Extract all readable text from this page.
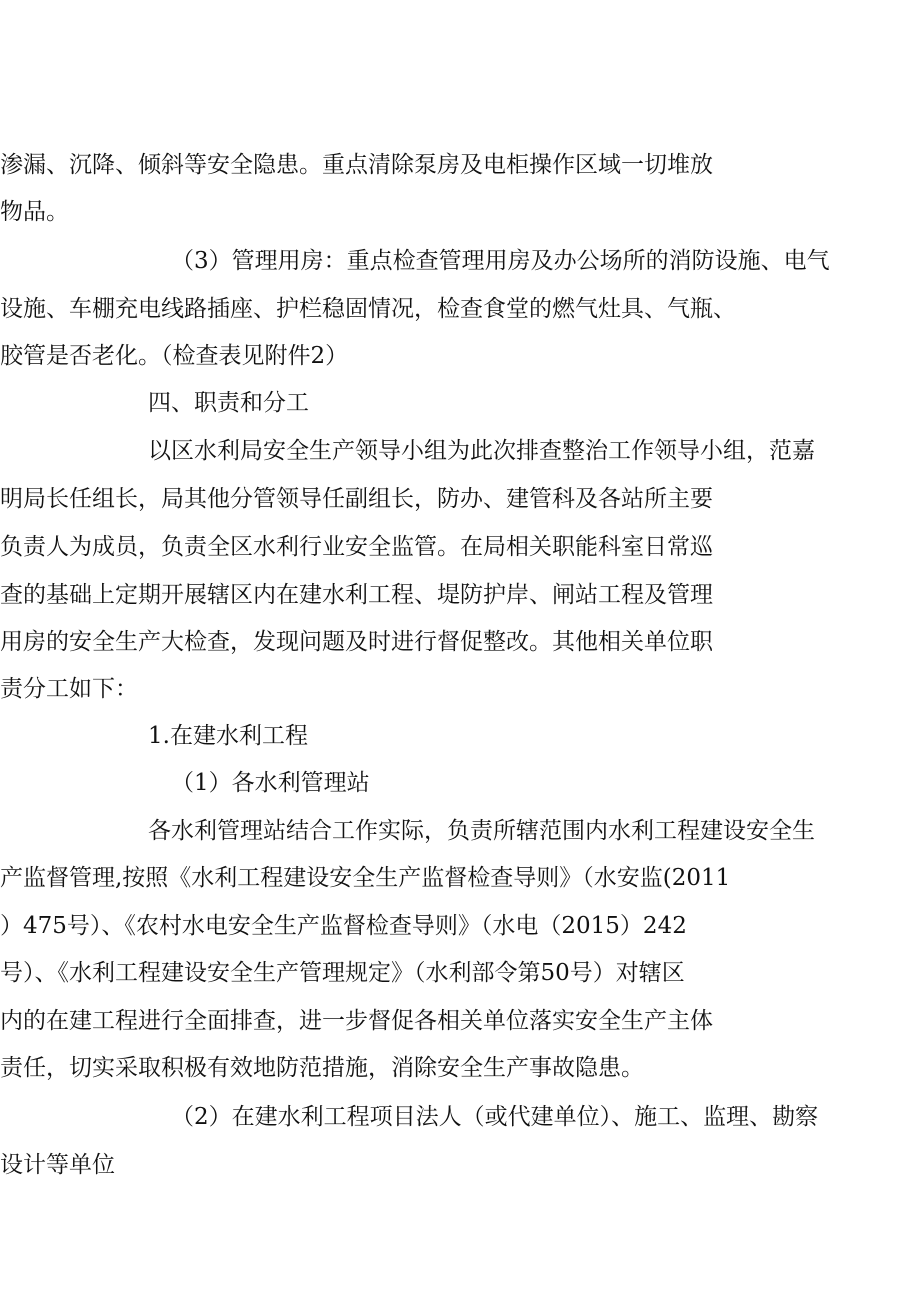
渗漏、沉降、倾斜等安全隐患。重点清除泵房及电柜操作区域一切堆放

物品。

（3）管理用房：重点检查管理用房及办公场所的消防设施、电气

设施、车棚充电线路插座、护栏稳固情况，检查食堂的燃气灶具、气瓶、

胶管是否老化。（检查表见附件2）

四、职责和分工

以区水利局安全生产领导小组为此次排查整治工作领导小组，范嘉

明局长任组长，局其他分管领导任副组长，防办、建管科及各站所主要

负责人为成员，负责全区水利行业安全监管。在局相关职能科室日常巡

查的基础上定期开展辖区内在建水利工程、堤防护岸、闸站工程及管理

用房的安全生产大检查，发现问题及时进行督促整改。其他相关单位职

责分工如下：

1.在建水利工程

（1）各水利管理站

各水利管理站结合工作实际，负责所辖范围内水利工程建设安全生

产监督管理,按照《水利工程建设安全生产监督检查导则》（水安监(2011

）475号）、《农村水电安全生产监督检查导则》（水电（2015）242

号）、《水利工程建设安全生产管理规定》（水利部令第50号）对辖区

内的在建工程进行全面排查，进一步督促各相关单位落实安全生产主体

责任，切实采取积极有效地防范措施，消除安全生产事故隐患。

（2）在建水利工程项目法人（或代建单位）、施工、监理、勘察

设计等单位
